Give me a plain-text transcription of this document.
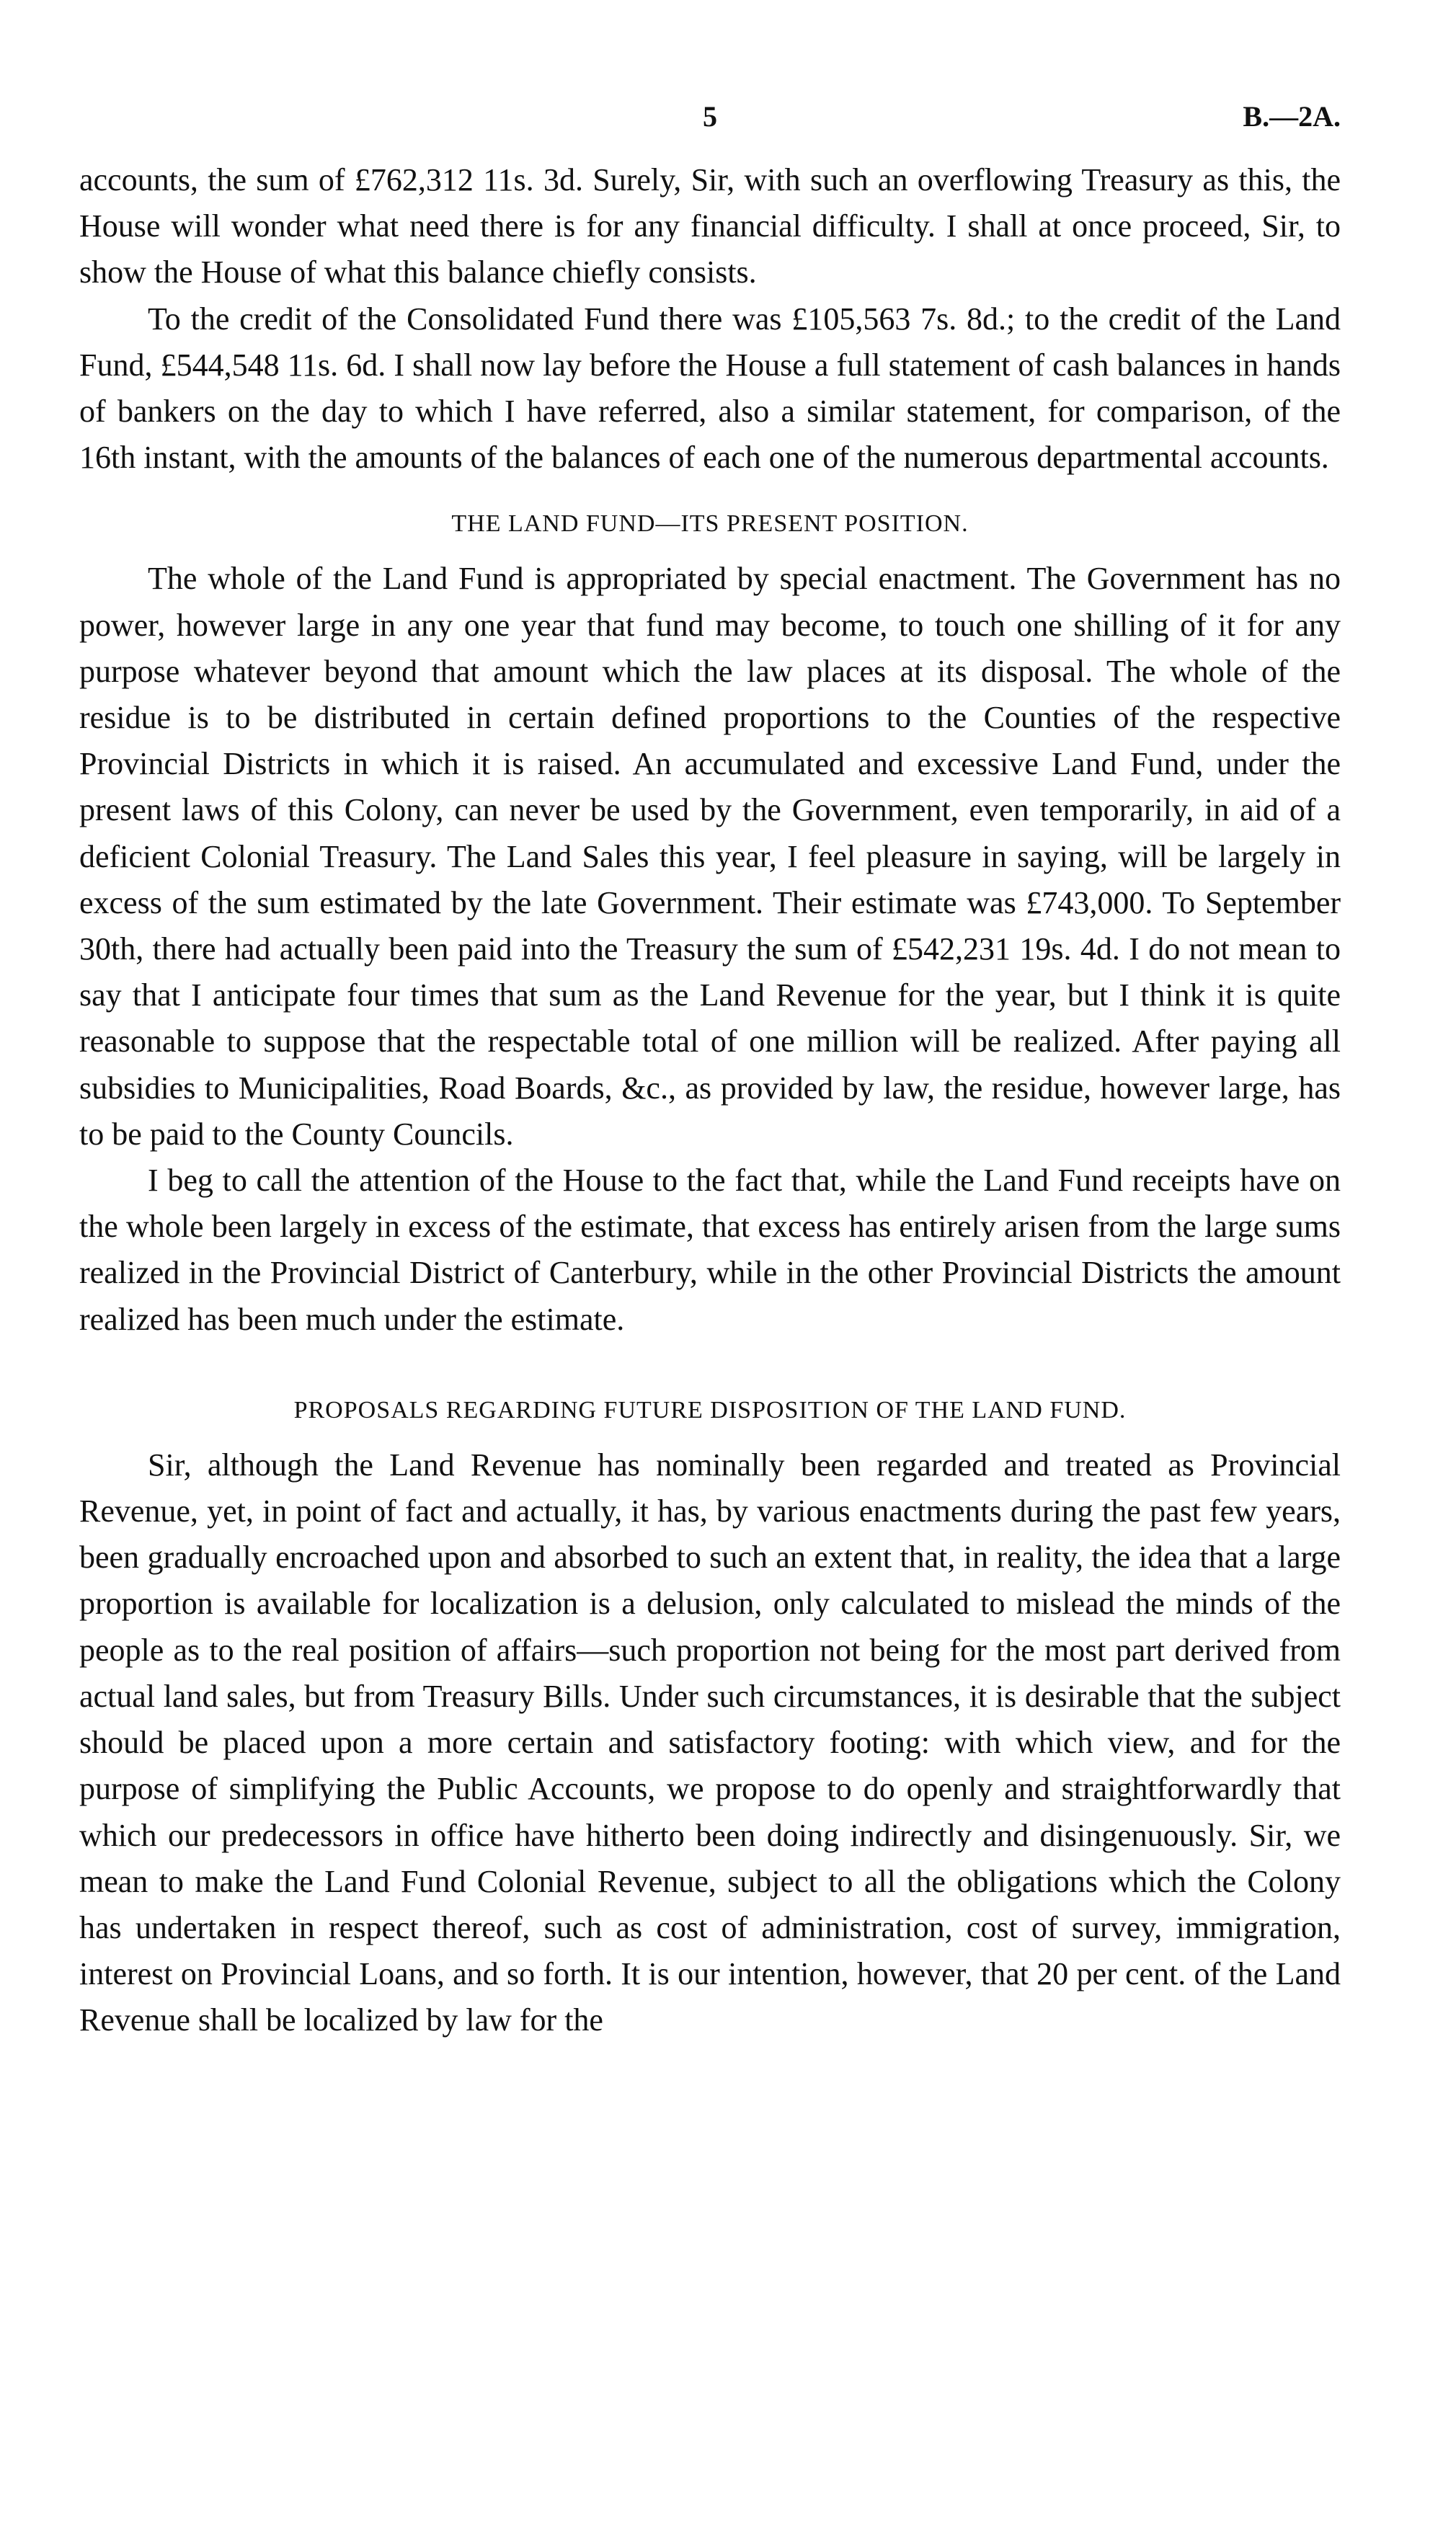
5	B.—2A.

accounts, the sum of £762,312 11s. 3d. Surely, Sir, with such an overflowing Treasury as this, the House will wonder what need there is for any financial difficulty. I shall at once proceed, Sir, to show the House of what this balance chiefly consists.

To the credit of the Consolidated Fund there was £105,563 7s. 8d.; to the credit of the Land Fund, £544,548 11s. 6d. I shall now lay before the House a full statement of cash balances in hands of bankers on the day to which I have referred, also a similar statement, for comparison, of the 16th instant, with the amounts of the balances of each one of the numerous departmental accounts.

THE LAND FUND—ITS PRESENT POSITION.

The whole of the Land Fund is appropriated by special enactment. The Government has no power, however large in any one year that fund may become, to touch one shilling of it for any purpose whatever beyond that amount which the law places at its disposal. The whole of the residue is to be distributed in certain defined proportions to the Counties of the respective Provincial Districts in which it is raised. An accumulated and excessive Land Fund, under the present laws of this Colony, can never be used by the Government, even temporarily, in aid of a deficient Colonial Treasury. The Land Sales this year, I feel pleasure in saying, will be largely in excess of the sum estimated by the late Government. Their estimate was £743,000. To September 30th, there had actually been paid into the Treasury the sum of £542,231 19s. 4d. I do not mean to say that I anticipate four times that sum as the Land Revenue for the year, but I think it is quite reasonable to suppose that the respectable total of one million will be realized. After paying all subsidies to Municipalities, Road Boards, &c., as provided by law, the residue, however large, has to be paid to the County Councils.

I beg to call the attention of the House to the fact that, while the Land Fund receipts have on the whole been largely in excess of the estimate, that excess has entirely arisen from the large sums realized in the Provincial District of Canterbury, while in the other Provincial Districts the amount realized has been much under the estimate.

PROPOSALS REGARDING FUTURE DISPOSITION OF THE LAND FUND.

Sir, although the Land Revenue has nominally been regarded and treated as Provincial Revenue, yet, in point of fact and actually, it has, by various enactments during the past few years, been gradually encroached upon and absorbed to such an extent that, in reality, the idea that a large proportion is available for localization is a delusion, only calculated to mislead the minds of the people as to the real position of affairs—such proportion not being for the most part derived from actual land sales, but from Treasury Bills. Under such circumstances, it is desirable that the subject should be placed upon a more certain and satisfactory footing: with which view, and for the purpose of simplifying the Public Accounts, we propose to do openly and straightforwardly that which our predecessors in office have hitherto been doing indirectly and disingenuously. Sir, we mean to make the Land Fund Colonial Revenue, subject to all the obligations which the Colony has undertaken in respect thereof, such as cost of administration, cost of survey, immigration, interest on Provincial Loans, and so forth. It is our intention, however, that 20 per cent. of the Land Revenue shall be localized by law for the
